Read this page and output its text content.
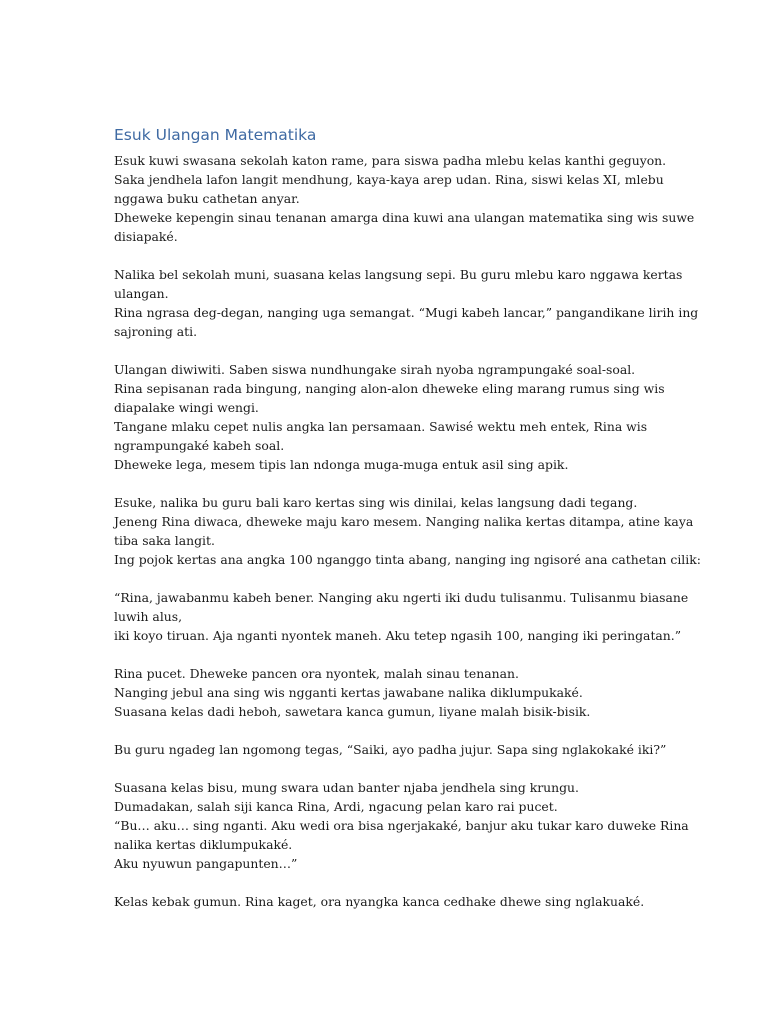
Esuk Ulangan Matematika
Esuk kuwi swasana sekolah katon rame, para siswa padha mlebu kelas kanthi geguyon.
Saka jendhela lafon langit mendhung, kaya-kaya arep udan. Rina, siswi kelas XI, mlebu
nggawa buku cathetan anyar.
Dheweke kepengin sinau tenanan amarga dina kuwi ana ulangan matematika sing wis suwe
disiapaké.
Nalika bel sekolah muni, suasana kelas langsung sepi. Bu guru mlebu karo nggawa kertas
ulangan.
Rina ngrasa deg-degan, nanging uga semangat. “Mugi kabeh lancar,” pangandikane lirih ing
sajroning ati.
Ulangan diwiwiti. Saben siswa nundhungake sirah nyoba ngrampungaké soal-soal.
Rina sepisanan rada bingung, nanging alon-alon dheweke eling marang rumus sing wis
diapalake wingi wengi.
Tangane mlaku cepet nulis angka lan persamaan. Sawisé wektu meh entek, Rina wis
ngrampungaké kabeh soal.
Dheweke lega, mesem tipis lan ndonga muga-muga entuk asil sing apik.
Esuke, nalika bu guru bali karo kertas sing wis dinilai, kelas langsung dadi tegang.
Jeneng Rina diwaca, dheweke maju karo mesem. Nanging nalika kertas ditampa, atine kaya
tiba saka langit.
Ing pojok kertas ana angka 100 nganggo tinta abang, nanging ing ngisoré ana cathetan cilik:
“Rina, jawabanmu kabeh bener. Nanging aku ngerti iki dudu tulisanmu. Tulisanmu biasane
luwih alus,
iki koyo tiruan. Aja nganti nyontek maneh. Aku tetep ngasih 100, nanging iki peringatan.”
Rina pucet. Dheweke pancen ora nyontek, malah sinau tenanan.
Nanging jebul ana sing wis ngganti kertas jawabane nalika diklumpukaké.
Suasana kelas dadi heboh, sawetara kanca gumun, liyane malah bisik-bisik.
Bu guru ngadeg lan ngomong tegas, “Saiki, ayo padha jujur. Sapa sing nglakokaké iki?”
Suasana kelas bisu, mung swara udan banter njaba jendhela sing krungu.
Dumadakan, salah siji kanca Rina, Ardi, ngacung pelan karo rai pucet.
“Bu… aku… sing nganti. Aku wedi ora bisa ngerjakaké, banjur aku tukar karo duweke Rina
nalika kertas diklumpukaké.
Aku nyuwun pangapunten…”
Kelas kebak gumun. Rina kaget, ora nyangka kanca cedhake dhewe sing nglakuaké.
